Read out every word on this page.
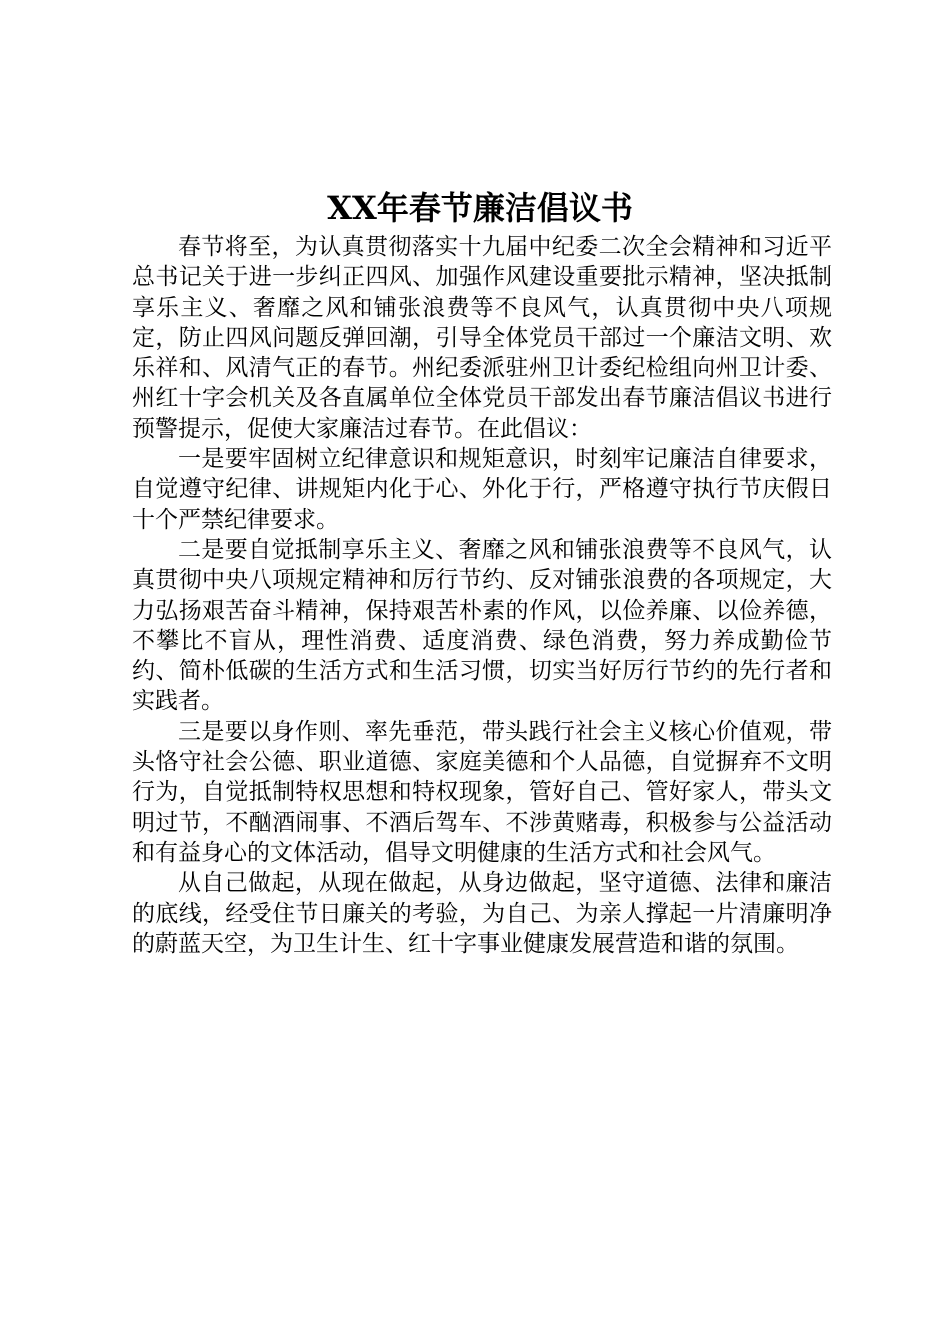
XX年春节廉洁倡议书

春节将至，为认真贯彻落实十九届中纪委二次全会精神和习近平总书记关于进一步纠正四风、加强作风建设重要批示精神，坚决抵制享乐主义、奢靡之风和铺张浪费等不良风气，认真贯彻中央八项规定，防止四风问题反弹回潮，引导全体党员干部过一个廉洁文明、欢乐祥和、风清气正的春节。州纪委派驻州卫计委纪检组向州卫计委、州红十字会机关及各直属单位全体党员干部发出春节廉洁倡议书进行预警提示，促使大家廉洁过春节。在此倡议：

一是要牢固树立纪律意识和规矩意识，时刻牢记廉洁自律要求，自觉遵守纪律、讲规矩内化于心、外化于行，严格遵守执行节庆假日十个严禁纪律要求。

二是要自觉抵制享乐主义、奢靡之风和铺张浪费等不良风气，认真贯彻中央八项规定精神和厉行节约、反对铺张浪费的各项规定，大力弘扬艰苦奋斗精神，保持艰苦朴素的作风，以俭养廉、以俭养德，不攀比不盲从，理性消费、适度消费、绿色消费，努力养成勤俭节约、简朴低碳的生活方式和生活习惯，切实当好厉行节约的先行者和实践者。

三是要以身作则、率先垂范，带头践行社会主义核心价值观，带头恪守社会公德、职业道德、家庭美德和个人品德，自觉摒弃不文明行为，自觉抵制特权思想和特权现象，管好自己、管好家人，带头文明过节，不酗酒闹事、不酒后驾车、不涉黄赌毒，积极参与公益活动和有益身心的文体活动，倡导文明健康的生活方式和社会风气。

从自己做起，从现在做起，从身边做起，坚守道德、法律和廉洁的底线，经受住节日廉关的考验，为自己、为亲人撑起一片清廉明净的蔚蓝天空，为卫生计生、红十字事业健康发展营造和谐的氛围。
